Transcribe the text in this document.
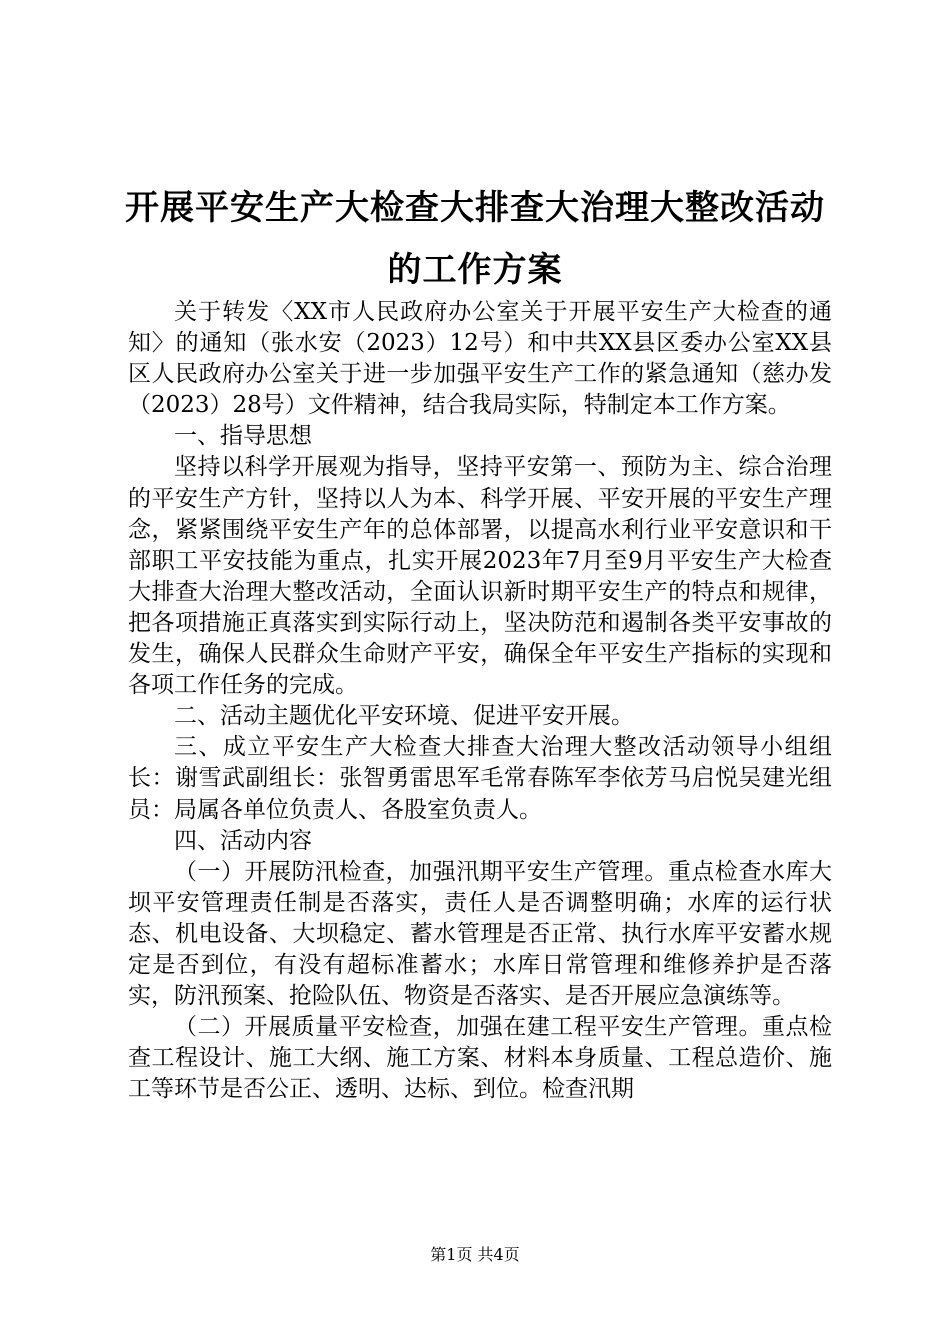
开展平安生产大检查大排查大治理大整改活动
的工作方案

关于转发〈XX市人民政府办公室关于开展平安生产大检查的通知〉的通知（张水安（2023）12号）和中共XX县区委办公室XX县区人民政府办公室关于进一步加强平安生产工作的紧急通知（慈办发（2023）28号）文件精神，结合我局实际，特制定本工作方案。

一、指导思想

坚持以科学开展观为指导，坚持平安第一、预防为主、综合治理的平安生产方针，坚持以人为本、科学开展、平安开展的平安生产理念，紧紧围绕平安生产年的总体部署，以提高水利行业平安意识和干部职工平安技能为重点，扎实开展2023年7月至9月平安生产大检查大排查大治理大整改活动，全面认识新时期平安生产的特点和规律，把各项措施正真落实到实际行动上，坚决防范和遏制各类平安事故的发生，确保人民群众生命财产平安，确保全年平安生产指标的实现和各项工作任务的完成。

二、活动主题优化平安环境、促进平安开展。

三、成立平安生产大检查大排查大治理大整改活动领导小组组长：谢雪武副组长：张智勇雷思军毛常春陈军李依芳马启悦吴建光组员：局属各单位负责人、各股室负责人。

四、活动内容

（一）开展防汛检查，加强汛期平安生产管理。重点检查水库大坝平安管理责任制是否落实，责任人是否调整明确；水库的运行状态、机电设备、大坝稳定、蓄水管理是否正常、执行水库平安蓄水规定是否到位，有没有超标准蓄水；水库日常管理和维修养护是否落实，防汛预案、抢险队伍、物资是否落实、是否开展应急演练等。

（二）开展质量平安检查，加强在建工程平安生产管理。重点检查工程设计、施工大纲、施工方案、材料本身质量、工程总造价、施工等环节是否公正、透明、达标、到位。检查汛期

第1页 共4页
